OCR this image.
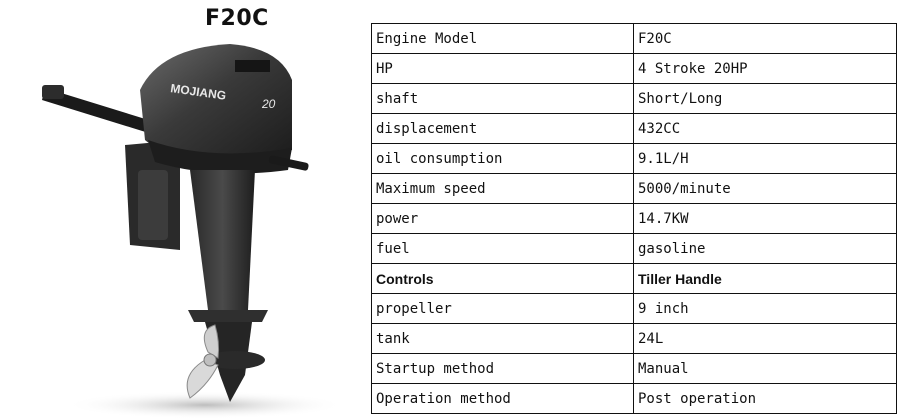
F20C
MOJIANG
20
Engine Model	F20C
HP	4 Stroke 20HP
shaft	Short/Long
displacement	432CC
oil consumption	9.1L/H
Maximum speed	5000/minute
power	14.7KW
fuel	gasoline
Controls	Tiller Handle
propeller	9 inch
tank	24L
Startup method	Manual
Operation method	Post operation
